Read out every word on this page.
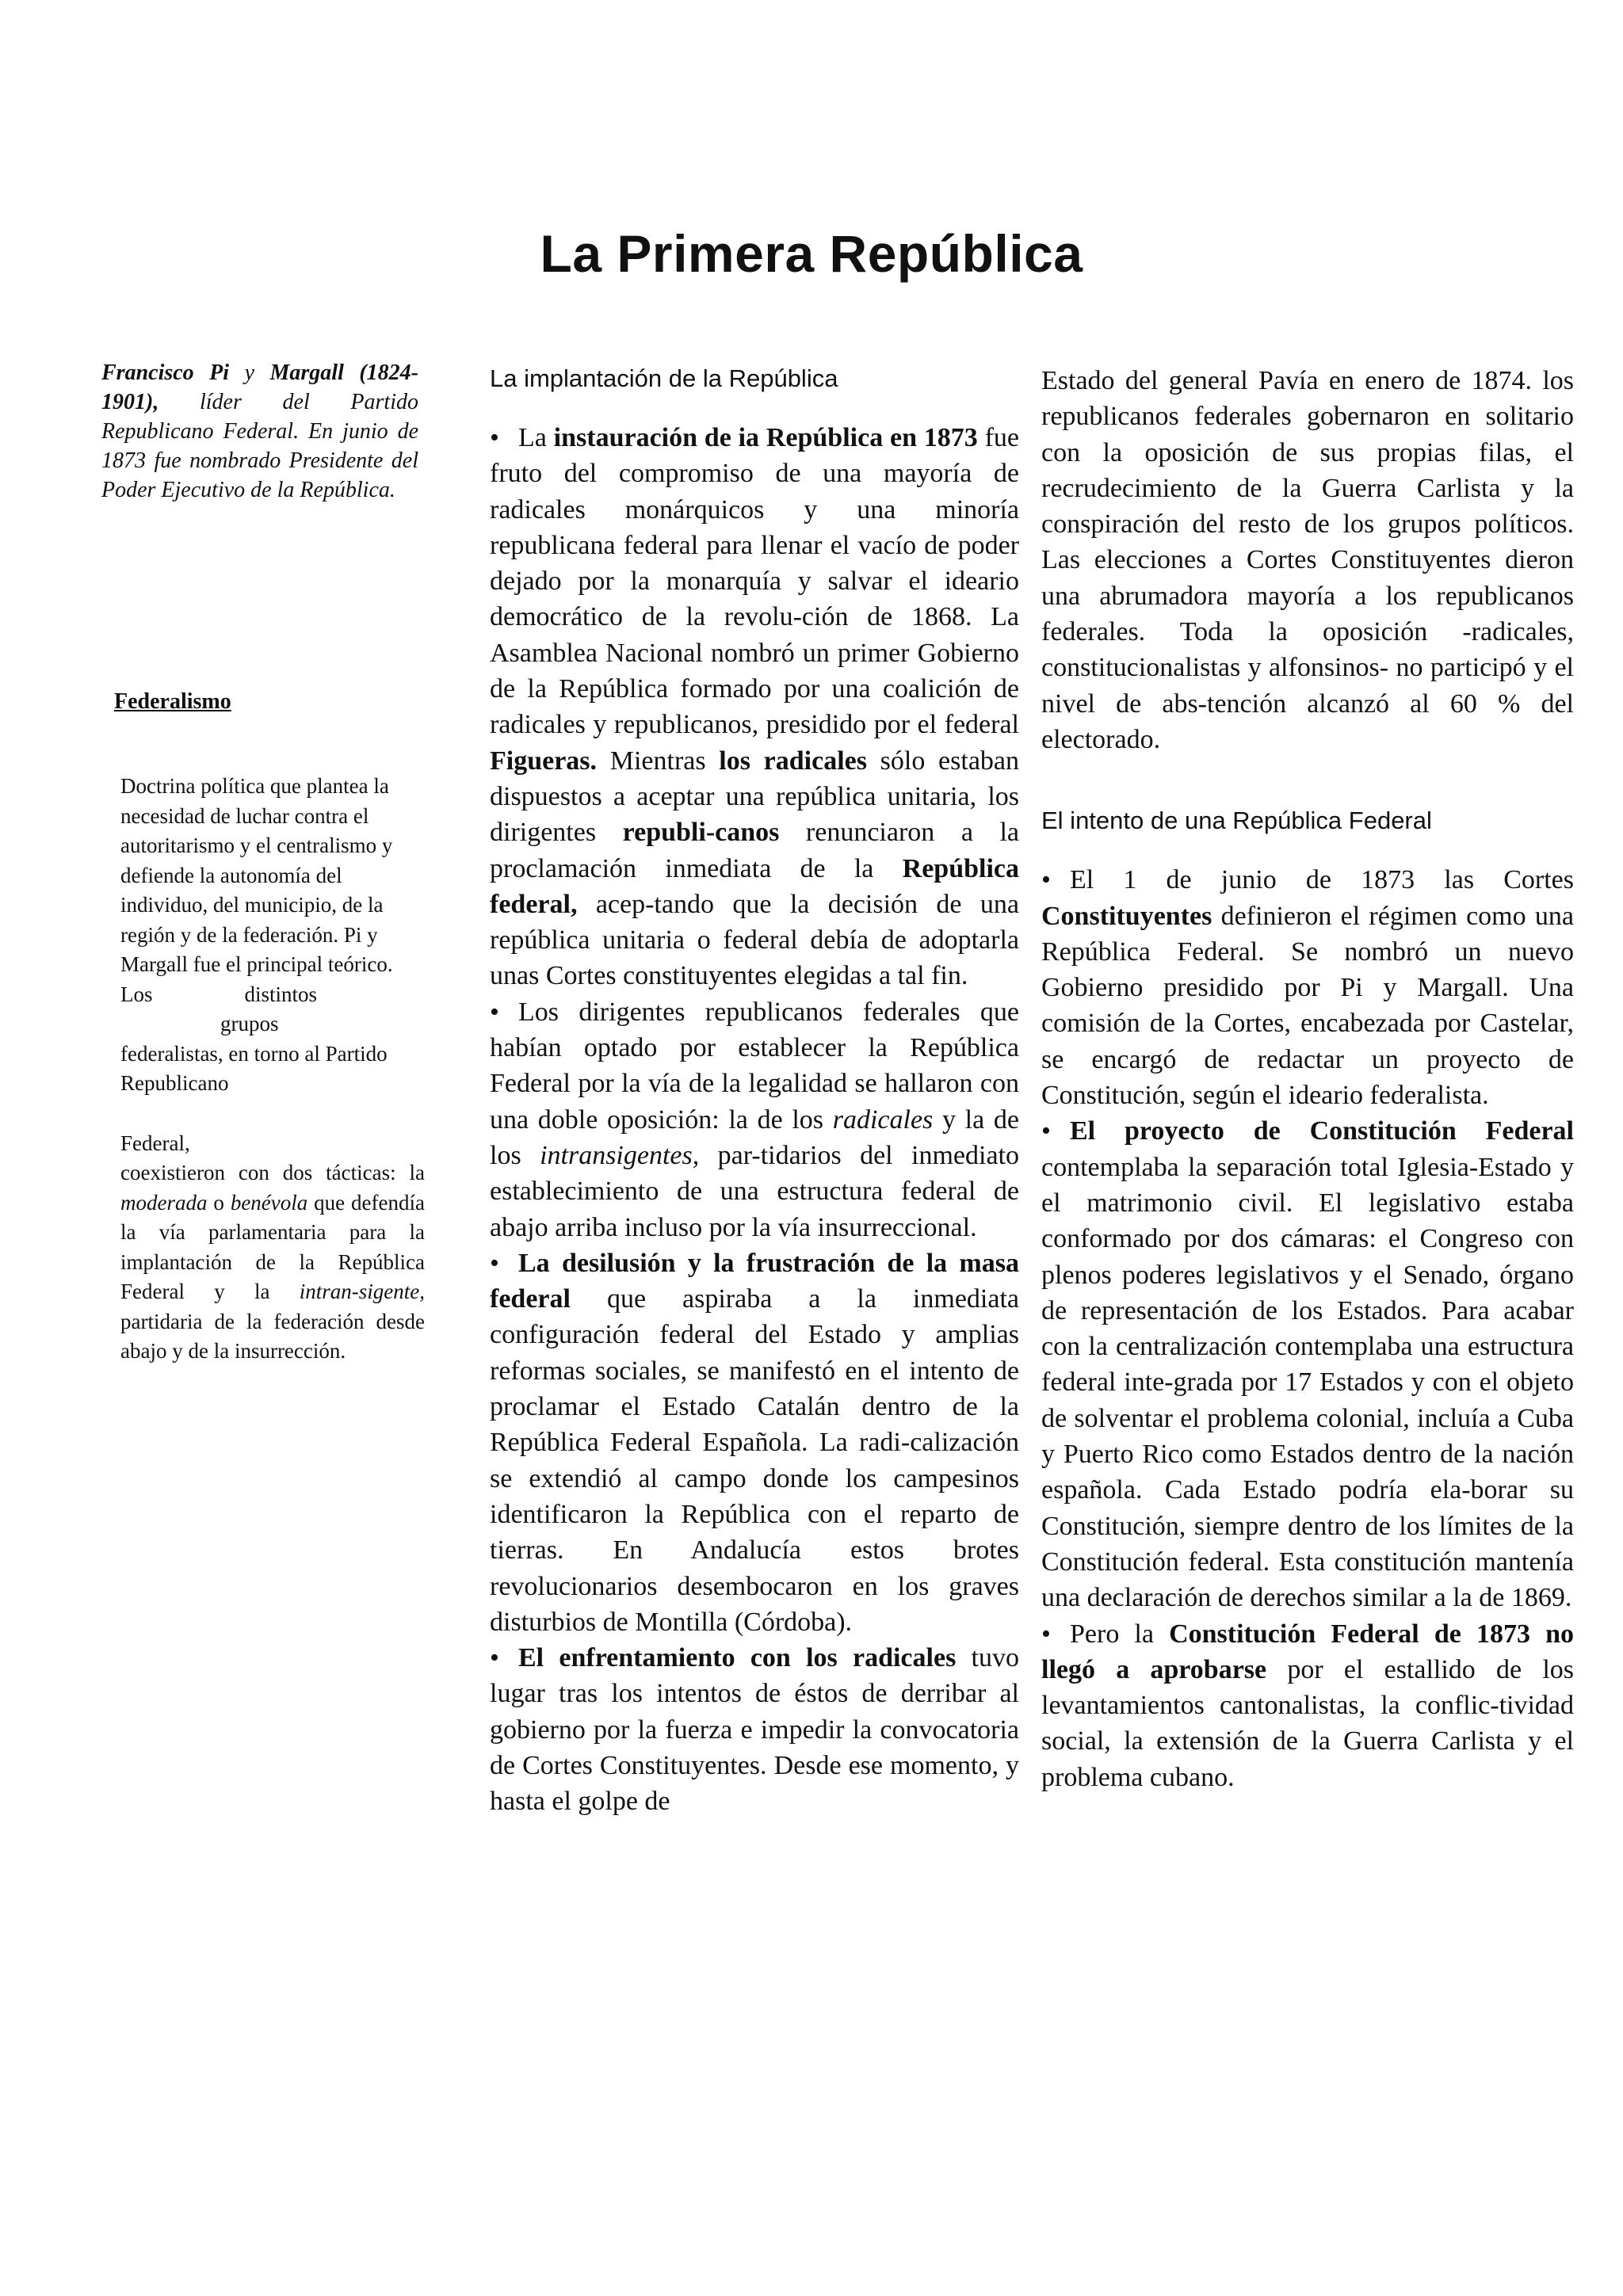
La Primera República

Francisco Pi y Margall (1824-1901), líder del Partido Republicano Federal. En junio de 1873 fue nombrado Presidente del Poder Ejecutivo de la República.

Federalismo

Doctrina política que plantea la necesidad de luchar contra el autoritarismo y el centralismo y defiende la autonomía del individuo, del municipio, de la región y de la federación. Pi y Margall fue el principal teórico.

Los	distintos
grupos
federalistas, en torno al Partido Republicano

Federal,
coexistieron con dos tácticas: la moderada o benévola que defendía la vía parlamentaria para la implantación de la República Federal y la intran-sigente, partidaria de la federación desde abajo y de la insurrección.

La implantación de la República

• La instauración de ia República en 1873 fue fruto del compromiso de una mayoría de radicales monárquicos y una minoría republicana federal para llenar el vacío de poder dejado por la monarquía y salvar el ideario democrático de la revolu-ción de 1868. La Asamblea Nacional nombró un primer Gobierno de la República formado por una coalición de radicales y republicanos, presidido por el federal Figueras. Mientras los radicales sólo estaban dispuestos a aceptar una república unitaria, los dirigentes republi-canos renunciaron a la proclamación inmediata de la República federal, acep-tando que la decisión de una república unitaria o federal debía de adoptarla unas Cortes constituyentes elegidas a tal fin.

• Los dirigentes republicanos federales que habían optado por establecer la República Federal por la vía de la legalidad se hallaron con una doble oposición: la de los radicales y la de los intransigentes, par-tidarios del inmediato establecimiento de una estructura federal de abajo arriba incluso por la vía insurreccional.

• La desilusión y la frustración de la masa federal que aspiraba a la inmediata configuración federal del Estado y amplias reformas sociales, se manifestó en el intento de proclamar el Estado Catalán dentro de la República Federal Española. La radi-calización se extendió al campo donde los campesinos identificaron la República con el reparto de tierras. En Andalucía estos brotes revolucionarios desembocaron en los graves disturbios de Montilla (Córdoba).

• El enfrentamiento con los radicales tuvo lugar tras los intentos de éstos de derribar al gobierno por la fuerza e impedir la convocatoria de Cortes Constituyentes. Desde ese momento, y hasta el golpe de

Estado del general Pavía en enero de 1874. los republicanos federales gobernaron en solitario con la oposición de sus propias filas, el recrudecimiento de la Guerra Carlista y la conspiración del resto de los grupos políticos. Las elecciones a Cortes Constituyentes dieron una abrumadora mayoría a los republicanos federales. Toda la oposición -radicales, constitucionalistas y alfonsinos- no participó y el nivel de abs-tención alcanzó al 60 % del electorado.

El intento de una República Federal

• El 1 de junio de 1873 las Cortes Constituyentes definieron el régimen como una República Federal. Se nombró un nuevo Gobierno presidido por Pi y Margall. Una comisión de la Cortes, encabezada por Castelar, se encargó de redactar un proyecto de Constitución, según el ideario federalista.

• El proyecto de Constitución Federal contemplaba la separación total Iglesia-Estado y el matrimonio civil. El legislativo estaba conformado por dos cámaras: el Congreso con plenos poderes legislativos y el Senado, órgano de representación de los Estados. Para acabar con la centralización contemplaba una estructura federal inte-grada por 17 Estados y con el objeto de solventar el problema colonial, incluía a Cuba y Puerto Rico como Estados dentro de la nación española. Cada Estado podría ela-borar su Constitución, siempre dentro de los límites de la Constitución federal. Esta constitución mantenía una declaración de derechos similar a la de 1869.

• Pero la Constitución Federal de 1873 no llegó a aprobarse por el estallido de los levantamientos cantonalistas, la conflic-tividad social, la extensión de la Guerra Carlista y el problema cubano.
